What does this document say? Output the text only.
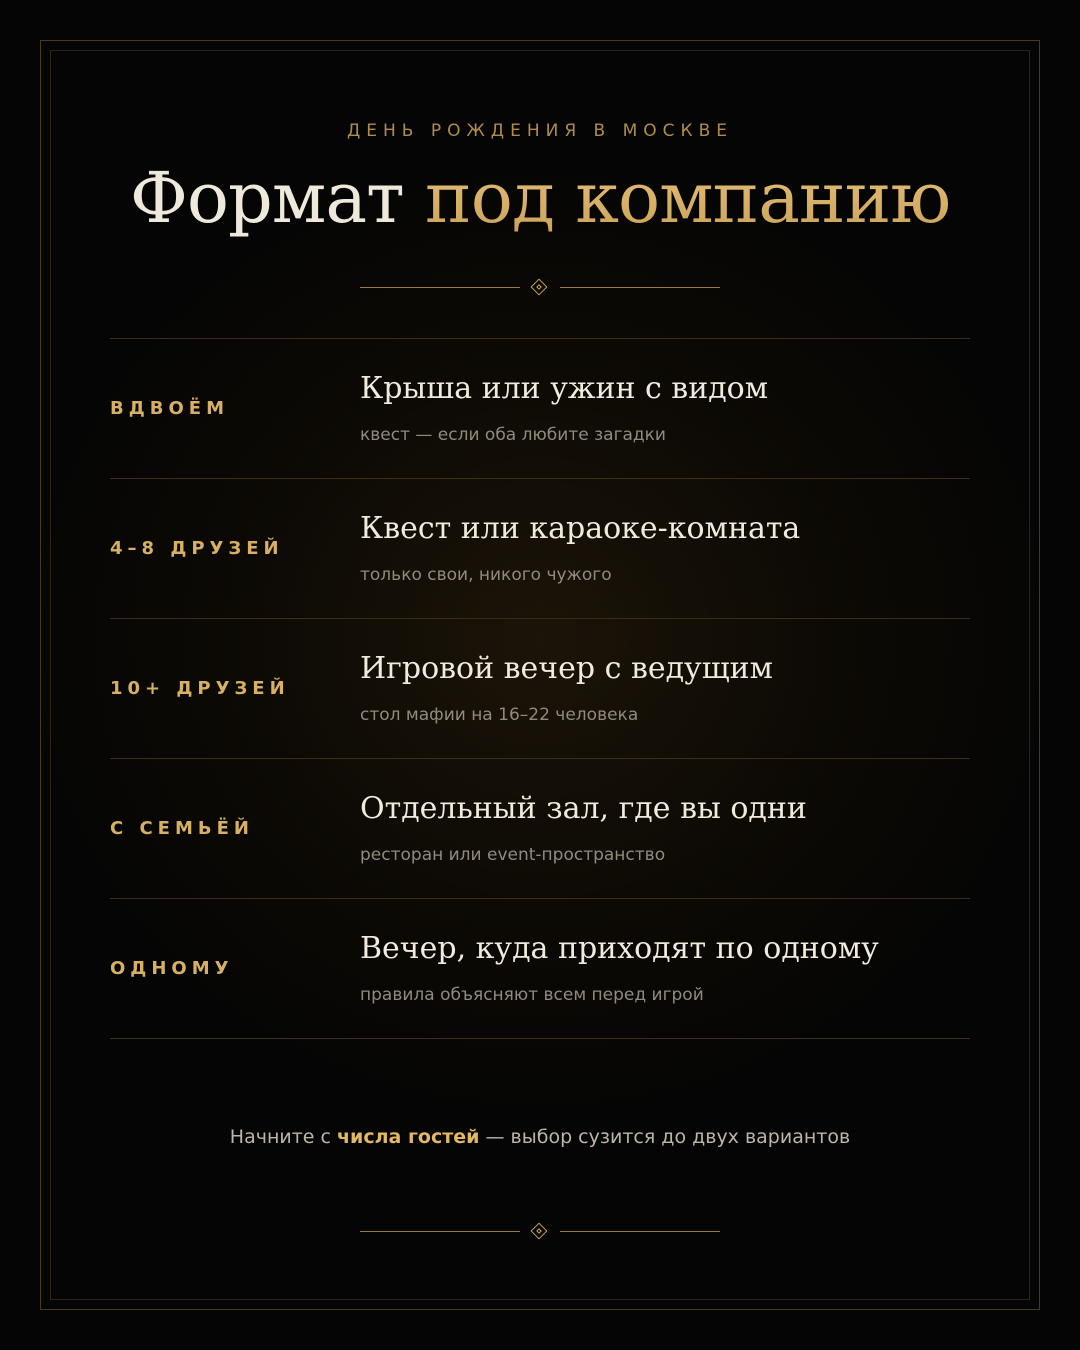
ДЕНЬ РОЖДЕНИЯ В МОСКВЕ
Формат под компанию
ВДВОЁМ
Крыша или ужин с видом
квест — если оба любите загадки
4–8 ДРУЗЕЙ
Квест или караоке-комната
только свои, никого чужого
10+ ДРУЗЕЙ
Игровой вечер с ведущим
стол мафии на 16–22 человека
С СЕМЬЁЙ
Отдельный зал, где вы одни
ресторан или event-пространство
ОДНОМУ
Вечер, куда приходят по одному
правила объясняют всем перед игрой
Начните с числа гостей — выбор сузится до двух вариантов
